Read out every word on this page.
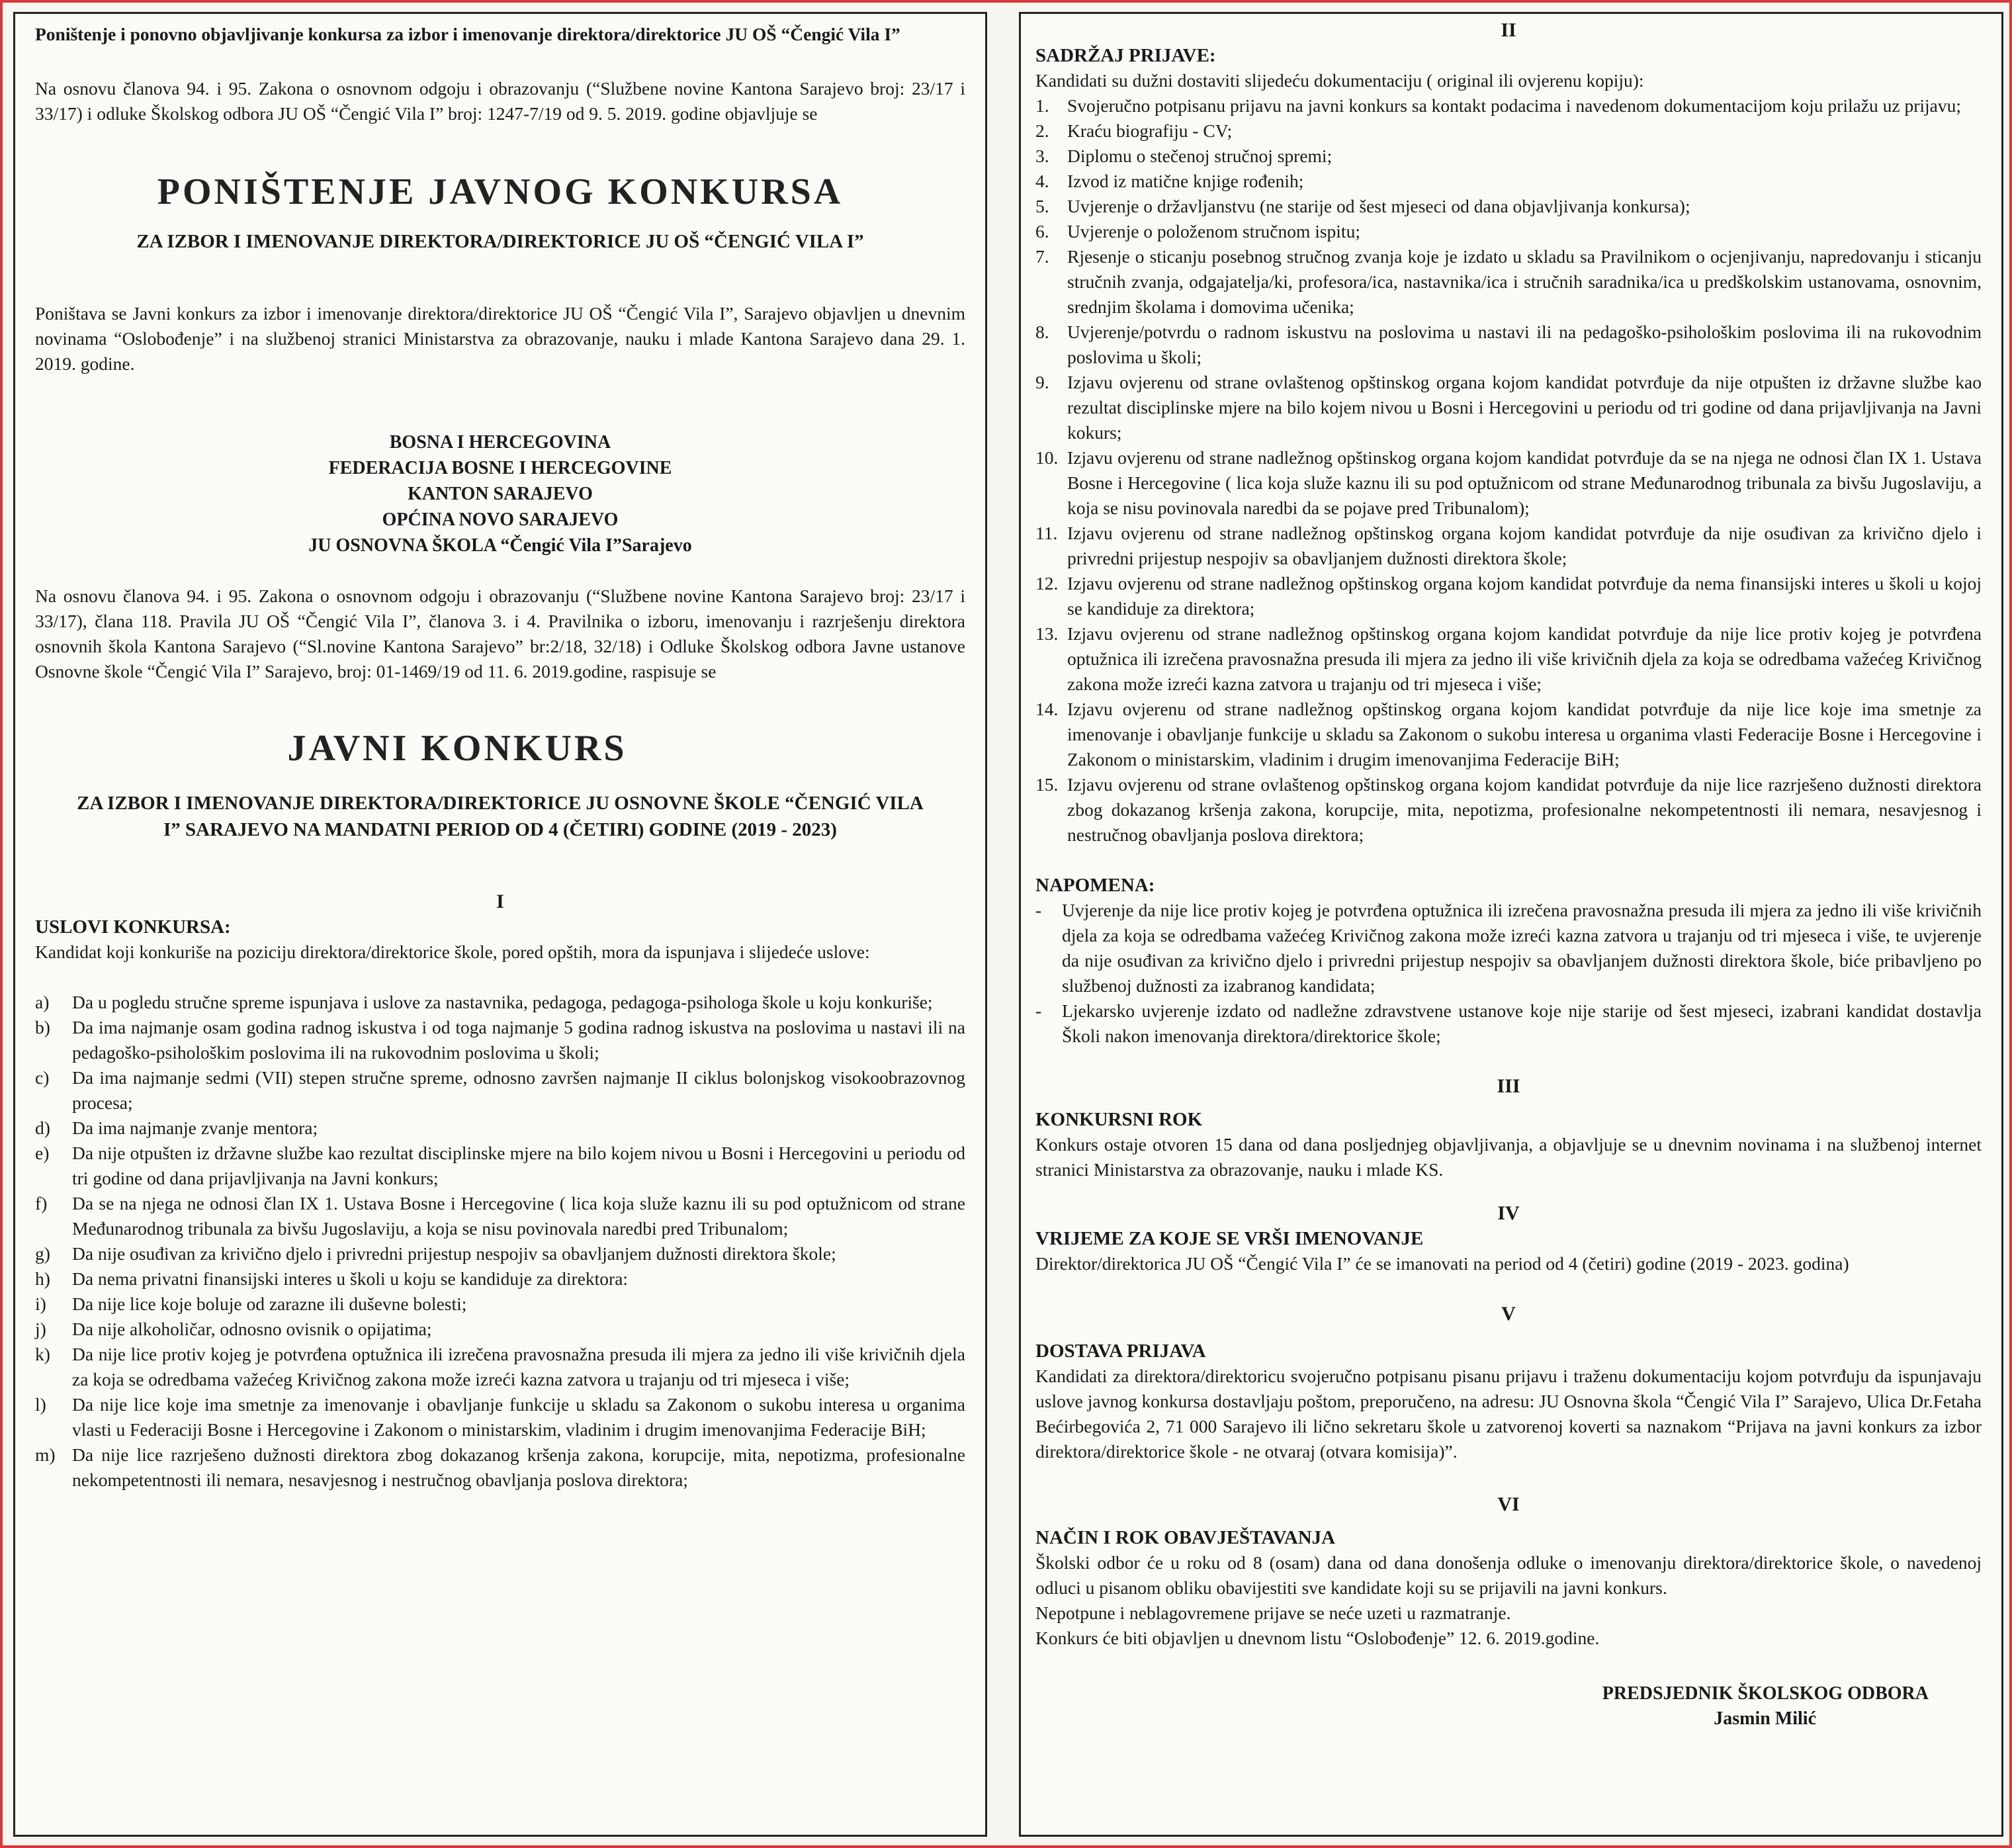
Poništenje i ponovno objavljivanje konkursa za izbor i imenovanje direktora/direktorice JU OŠ “Čengić Vila I”

Na osnovu članova 94. i 95. Zakona o osnovnom odgoju i obrazovanju (“Službene novine Kantona Sarajevo broj: 23/17 i 33/17) i odluke Školskog odbora JU OŠ “Čengić Vila I” broj: 1247-7/19 od 9. 5. 2019. godine objavljuje se

PONIŠTENJE JAVNOG KONKURSA

ZA IZBOR I IMENOVANJE DIREKTORA/DIREKTORICE JU OŠ “ČENGIĆ VILA I”

Poništava se Javni konkurs za izbor i imenovanje direktora/direktorice JU OŠ “Čengić Vila I”, Sarajevo objavljen u dnevnim novinama “Oslobođenje” i na službenoj stranici Ministarstva za obrazovanje, nauku i mlade Kantona Sarajevo dana 29. 1. 2019. godine.

BOSNA I HERCEGOVINA

FEDERACIJA BOSNE I HERCEGOVINE

KANTON SARAJEVO

OPĆINA NOVO SARAJEVO

JU OSNOVNA ŠKOLA “Čengić Vila I”Sarajevo

Na osnovu članova 94. i 95. Zakona o osnovnom odgoju i obrazovanju (“Službene novine Kantona Sarajevo broj: 23/17 i 33/17), člana 118. Pravila JU OŠ “Čengić Vila I”, članova 3. i 4. Pravilnika o izboru, imenovanju i razrješenju direktora osnovnih škola Kantona Sarajevo (“Sl.novine Kantona Sarajevo” br:2/18, 32/18) i Odluke Školskog odbora Javne ustanove Osnovne škole “Čengić Vila I” Sarajevo, broj: 01-1469/19 od 11. 6. 2019.godine, raspisuje se

JAVNI KONKURS

ZA IZBOR I IMENOVANJE DIREKTORA/DIREKTORICE JU OSNOVNE ŠKOLE “ČENGIĆ VILA I” SARAJEVO NA MANDATNI PERIOD OD 4 (ČETIRI) GODINE (2019 - 2023)

I

USLOVI KONKURSA:

Kandidat koji konkuriše na poziciju direktora/direktorice škole, pored opštih, mora da ispunjava i slijedeće uslove:

a) Da u pogledu stručne spreme ispunjava i uslove za nastavnika, pedagoga, pedagoga-psihologa škole u koju konkuriše;
b) Da ima najmanje osam godina radnog iskustva i od toga najmanje 5 godina radnog iskustva na poslovima u nastavi ili na pedagoško-psihološkim poslovima ili na rukovodnim poslovima u školi;
c) Da ima najmanje sedmi (VII) stepen stručne spreme, odnosno završen najmanje II ciklus bolonjskog visokoobrazovnog procesa;
d) Da ima najmanje zvanje mentora;
e) Da nije otpušten iz državne službe kao rezultat disciplinske mjere na bilo kojem nivou u Bosni i Hercegovini u periodu od tri godine od dana prijavljivanja na Javni konkurs;
f) Da se na njega ne odnosi član IX 1. Ustava Bosne i Hercegovine ( lica koja služe kaznu ili su pod optužnicom od strane Međunarodnog tribunala za bivšu Jugoslaviju, a koja se nisu povinovala naredbi pred Tribunalom;
g) Da nije osuđivan za krivično djelo i privredni prijestup nespojiv sa obavljanjem dužnosti direktora škole;
h) Da nema privatni finansijski interes u školi u koju se kandiduje za direktora:
i) Da nije lice koje boluje od zarazne ili duševne bolesti;
j) Da nije alkoholičar, odnosno ovisnik o opijatima;
k) Da nije lice protiv kojeg je potvrđena optužnica ili izrečena pravosnažna presuda ili mjera za jedno ili više krivičnih djela za koja se odredbama važećeg Krivičnog zakona može izreći kazna zatvora u trajanju od tri mjeseca i više;
l) Da nije lice koje ima smetnje za imenovanje i obavljanje funkcije u skladu sa Zakonom o sukobu interesa u organima vlasti u Federaciji Bosne i Hercegovine i Zakonom o ministarskim, vladinim i drugim imenovanjima Federacije BiH;
m) Da nije lice razrješeno dužnosti direktora zbog dokazanog kršenja zakona, korupcije, mita, nepotizma, profesionalne nekompetentnosti ili nemara, nesavjesnog i nestručnog obavljanja poslova direktora;

II

SADRŽAJ PRIJAVE:

Kandidati su dužni dostaviti slijedeću dokumentaciju ( original ili ovjerenu kopiju):

1. Svojeručno potpisanu prijavu na javni konkurs sa kontakt podacima i navedenom dokumentacijom koju prilažu uz prijavu;
2. Kraću biografiju - CV;
3. Diplomu o stečenoj stručnoj spremi;
4. Izvod iz matične knjige rođenih;
5. Uvjerenje o državljanstvu (ne starije od šest mjeseci od dana objavljivanja konkursa);
6. Uvjerenje o položenom stručnom ispitu;
7. Rjesenje o sticanju posebnog stručnog zvanja koje je izdato u skladu sa Pravilnikom o ocjenjivanju, napredovanju i sticanju stručnih zvanja, odgajatelja/ki, profesora/ica, nastavnika/ica i stručnih saradnika/ica u predškolskim ustanovama, osnovnim, srednjim školama i domovima učenika;
8. Uvjerenje/potvrdu o radnom iskustvu na poslovima u nastavi ili na pedagoško-psihološkim poslovima ili na rukovodnim poslovima u školi;
9. Izjavu ovjerenu od strane ovlaštenog opštinskog organa kojom kandidat potvrđuje da nije otpušten iz državne službe kao rezultat disciplinske mjere na bilo kojem nivou u Bosni i Hercegovini u periodu od tri godine od dana prijavljivanja na Javni kokurs;
10. Izjavu ovjerenu od strane nadležnog opštinskog organa kojom kandidat potvrđuje da se na njega ne odnosi član IX 1. Ustava Bosne i Hercegovine ( lica koja služe kaznu ili su pod optužnicom od strane Međunarodnog tribunala za bivšu Jugoslaviju, a koja se nisu povinovala naredbi da se pojave pred Tribunalom);
11. Izjavu ovjerenu od strane nadležnog opštinskog organa kojom kandidat potvrđuje da nije osuđivan za krivično djelo i privredni prijestup nespojiv sa obavljanjem dužnosti direktora škole;
12. Izjavu ovjerenu od strane nadležnog opštinskog organa kojom kandidat potvrđuje da nema finansijski interes u školi u kojoj se kandiduje za direktora;
13. Izjavu ovjerenu od strane nadležnog opštinskog organa kojom kandidat potvrđuje da nije lice protiv kojeg je potvrđena optužnica ili izrečena pravosnažna presuda ili mjera za jedno ili više krivičnih djela za koja se odredbama važećeg Krivičnog zakona može izreći kazna zatvora u trajanju od tri mjeseca i više;
14. Izjavu ovjerenu od strane nadležnog opštinskog organa kojom kandidat potvrđuje da nije lice koje ima smetnje za imenovanje i obavljanje funkcije u skladu sa Zakonom o sukobu interesa u organima vlasti Federacije Bosne i Hercegovine i Zakonom o ministarskim, vladinim i drugim imenovanjima Federacije BiH;
15. Izjavu ovjerenu od strane ovlaštenog opštinskog organa kojom kandidat potvrđuje da nije lice razrješeno dužnosti direktora zbog dokazanog kršenja zakona, korupcije, mita, nepotizma, profesionalne nekompetentnosti ili nemara, nesavjesnog i nestručnog obavljanja poslova direktora;

NAPOMENA:

- Uvjerenje da nije lice protiv kojeg je potvrđena optužnica ili izrečena pravosnažna presuda ili mjera za jedno ili više krivičnih djela za koja se odredbama važećeg Krivičnog zakona može izreći kazna zatvora u trajanju od tri mjeseca i više, te uvjerenje da nije osuđivan za krivično djelo i privredni prijestup nespojiv sa obavljanjem dužnosti direktora škole, biće pribavljeno po službenoj dužnosti za izabranog kandidata;
- Ljekarsko uvjerenje izdato od nadležne zdravstvene ustanove koje nije starije od šest mjeseci, izabrani kandidat dostavlja Školi nakon imenovanja direktora/direktorice škole;

III

KONKURSNI ROK

Konkurs ostaje otvoren 15 dana od dana posljednjeg objavljivanja, a objavljuje se u dnevnim novinama i na službenoj internet stranici Ministarstva za obrazovanje, nauku i mlade KS.

IV

VRIJEME ZA KOJE SE VRŠI IMENOVANJE

Direktor/direktorica JU OŠ “Čengić Vila I” će se imanovati na period od 4 (četiri) godine (2019 - 2023. godina)

V

DOSTAVA PRIJAVA

Kandidati za direktora/direktoricu svojeručno potpisanu pisanu prijavu i traženu dokumentaciju kojom potvrđuju da ispunjavaju uslove javnog konkursa dostavljaju poštom, preporučeno, na adresu: JU Osnovna škola “Čengić Vila I” Sarajevo, Ulica Dr.Fetaha Bećirbegovića 2, 71 000 Sarajevo ili lično sekretaru škole u zatvorenoj koverti sa naznakom “Prijava na javni konkurs za izbor direktora/direktorice škole - ne otvaraj (otvara komisija)”.

VI

NAČIN I ROK OBAVJEŠTAVANJA

Školski odbor će u roku od 8 (osam) dana od dana donošenja odluke o imenovanju direktora/direktorice škole, o navedenoj odluci u pisanom obliku obavijestiti sve kandidate koji su se prijavili na javni konkurs.

Nepotpune i neblagovremene prijave se neće uzeti u razmatranje.

Konkurs će biti objavljen u dnevnom listu “Oslobođenje” 12. 6. 2019.godine.

PREDSJEDNIK ŠKOLSKOG ODBORA

Jasmin Milić
